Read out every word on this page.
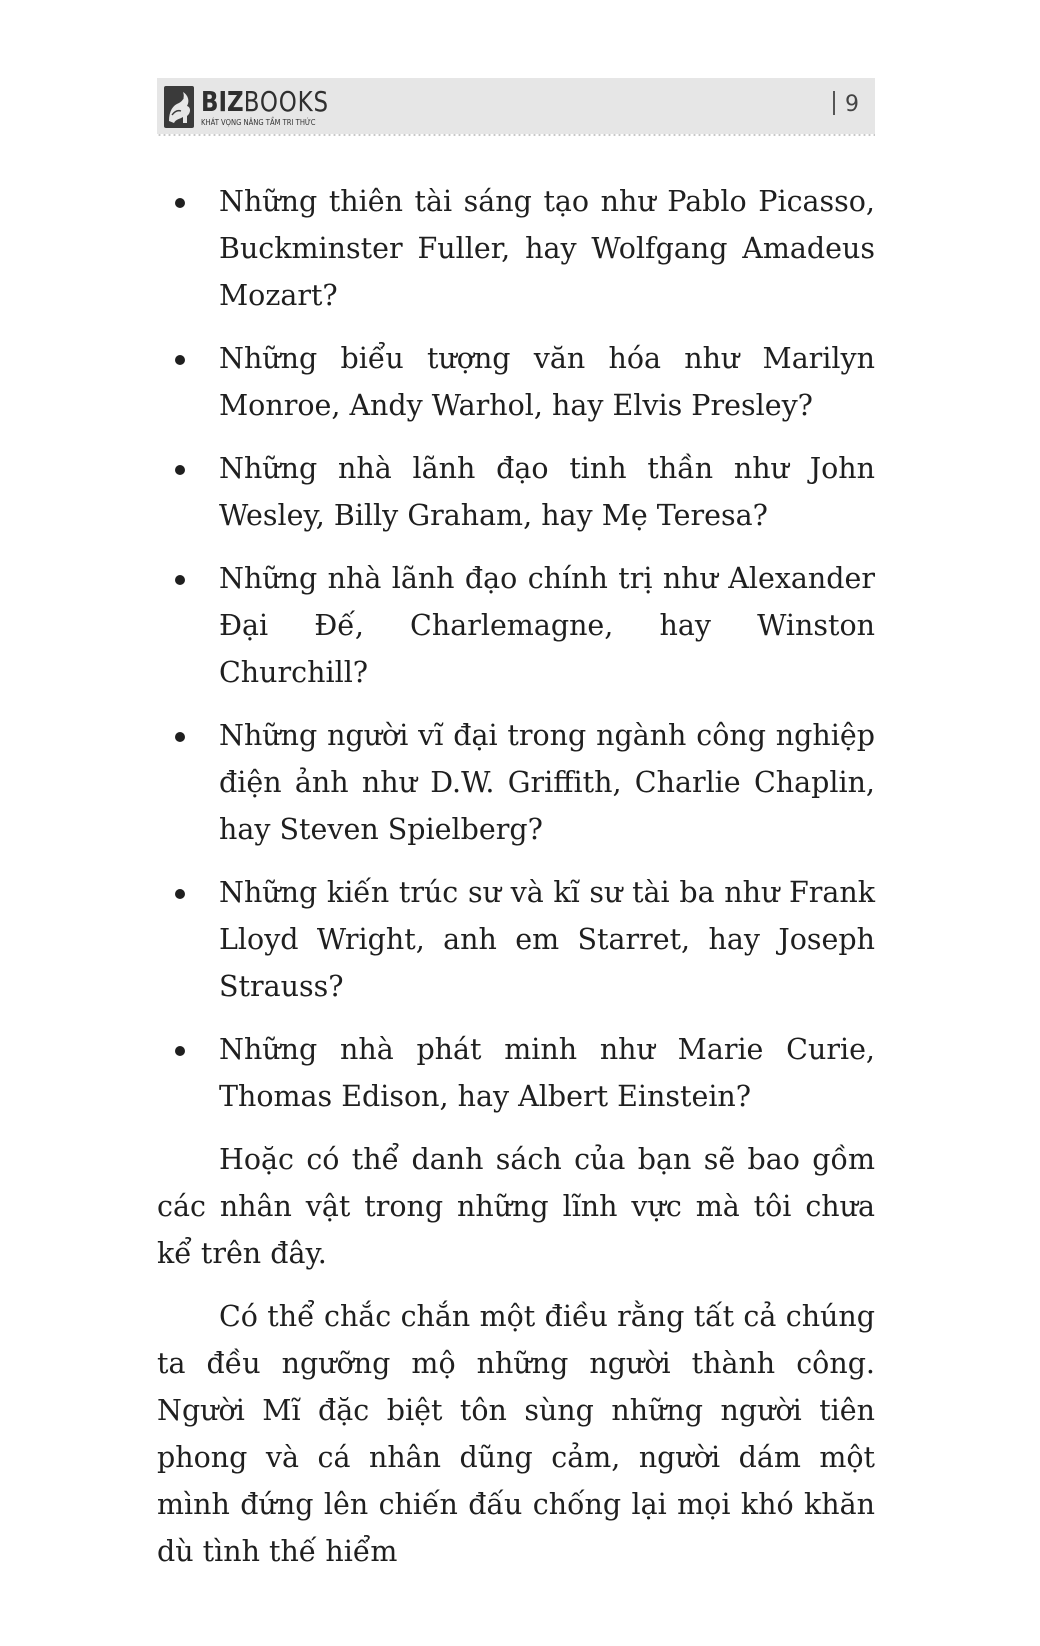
BIZBOOKS
KHÁT VỌNG NÂNG TẦM TRI THỨC
9
Những thiên tài sáng tạo như Pablo Picasso, Buckminster Fuller, hay Wolfgang Amadeus Mozart?
Những biểu tượng văn hóa như Marilyn Monroe, Andy Warhol, hay Elvis Presley?
Những nhà lãnh đạo tinh thần như John Wesley, Billy Graham, hay Mẹ Teresa?
Những nhà lãnh đạo chính trị như Alexander Đại Đế, Charlemagne, hay Winston Churchill?
Những người vĩ đại trong ngành công nghiệp điện ảnh như D.W. Griffith, Charlie Chaplin, hay Steven Spielberg?
Những kiến trúc sư và kĩ sư tài ba như Frank Lloyd Wright, anh em Starret, hay Joseph Strauss?
Những nhà phát minh như Marie Curie, Thomas Edison, hay Albert Einstein?

Hoặc có thể danh sách của bạn sẽ bao gồm các nhân vật trong những lĩnh vực mà tôi chưa kể trên đây.

Có thể chắc chắn một điều rằng tất cả chúng ta đều ngưỡng mộ những người thành công. Người Mĩ đặc biệt tôn sùng những người tiên phong và cá nhân dũng cảm, người dám một mình đứng lên chiến đấu chống lại mọi khó khăn dù tình thế hiểm
